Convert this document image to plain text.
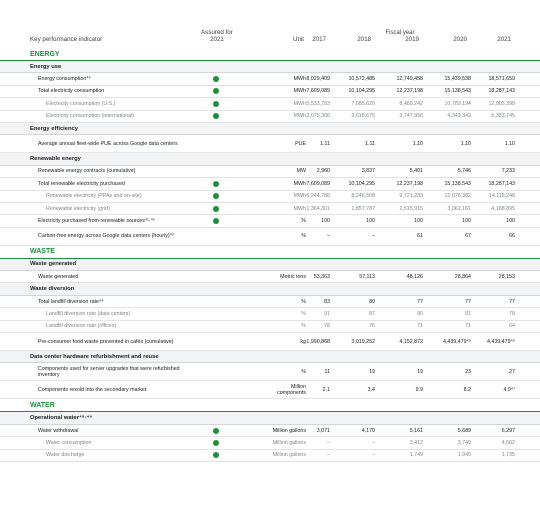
Fiscal year
Key performance indicator
Assured for 2021	Unit	2017	2018	2019	2020	2021
ENERGY
Energy use
Energy consumption⁴³	MWh 8,029,409	10,572,485	12,749,458	15,439,538	18,571,659
Total electricity consumption	MWh 7,609,089	10,104,295	12,237,198	15,138,543	18,287,143
Electricity consumption (U.S.)	MWh 5,533,783	7,085,620	8,489,242	10,789,194	12,903,398
Electricity consumption (international)	MWh 2,075,306	3,018,675	3,747,956	4,349,349	5,383,745
Energy efficiency
Average annual fleet-wide PUE across Google data centers	PUE	1.11	1.11	1.10	1.10	1.10
Renewable energy
Renewable energy contracts (cumulative)	MW	2,960	3,837	5,401	5,746	7,233
Total renewable electricity purchased	MWh 7,609,089	10,104,295	12,237,198	15,138,543	18,287,143
Renewable electricity (PPAs and on-site)	MWh 6,244,788	8,246,508	9,721,283	12,076,382	14,118,248
Renewable electricity (grid)	MWh 1,364,301	1,857,787	2,515,915	3,062,161	4,168,895
Electricity purchased from renewable sources⁴¹·⁴²	%	100	100	100	100	100
Carbon-free energy across Google data centers (hourly)⁴³	%	–	–	61	67	66
WASTE
Waste generated
Waste generated	Metric tons	53,363	57,113	48,126	28,864	28,153
Waste diversion
Total landfill diversion rate⁴⁴	%	83	80	77	77	77
Landfill diversion rate (data centers)	%	91	87	90	81	78
Landfill diversion rate (offices)	%	78	76	71	71	64
Pre-consumer food waste prevented in cafés (cumulative)	kg 1,990,868	3,019,252	4,152,872	4,439,479⁴⁵	4,439,479⁴⁵
Data center hardware refurbishment and reuse
Components used for server upgrades that were refurbished inventory	%	11	19	19	23	27
Components resold into the secondary market	Million components	2.1	3.4	9.9	8.2	4.9⁴⁷
WATER
Operational water⁴⁸·⁴⁹
Water withdrawal	Million gallons	3,071	4,170	5,161	5,689	6,297
Water consumption	Million gallons	–	–	3,412	3,749	4,562
Water discharge	Million gallons	–	–	1,749	1,940	1,735
